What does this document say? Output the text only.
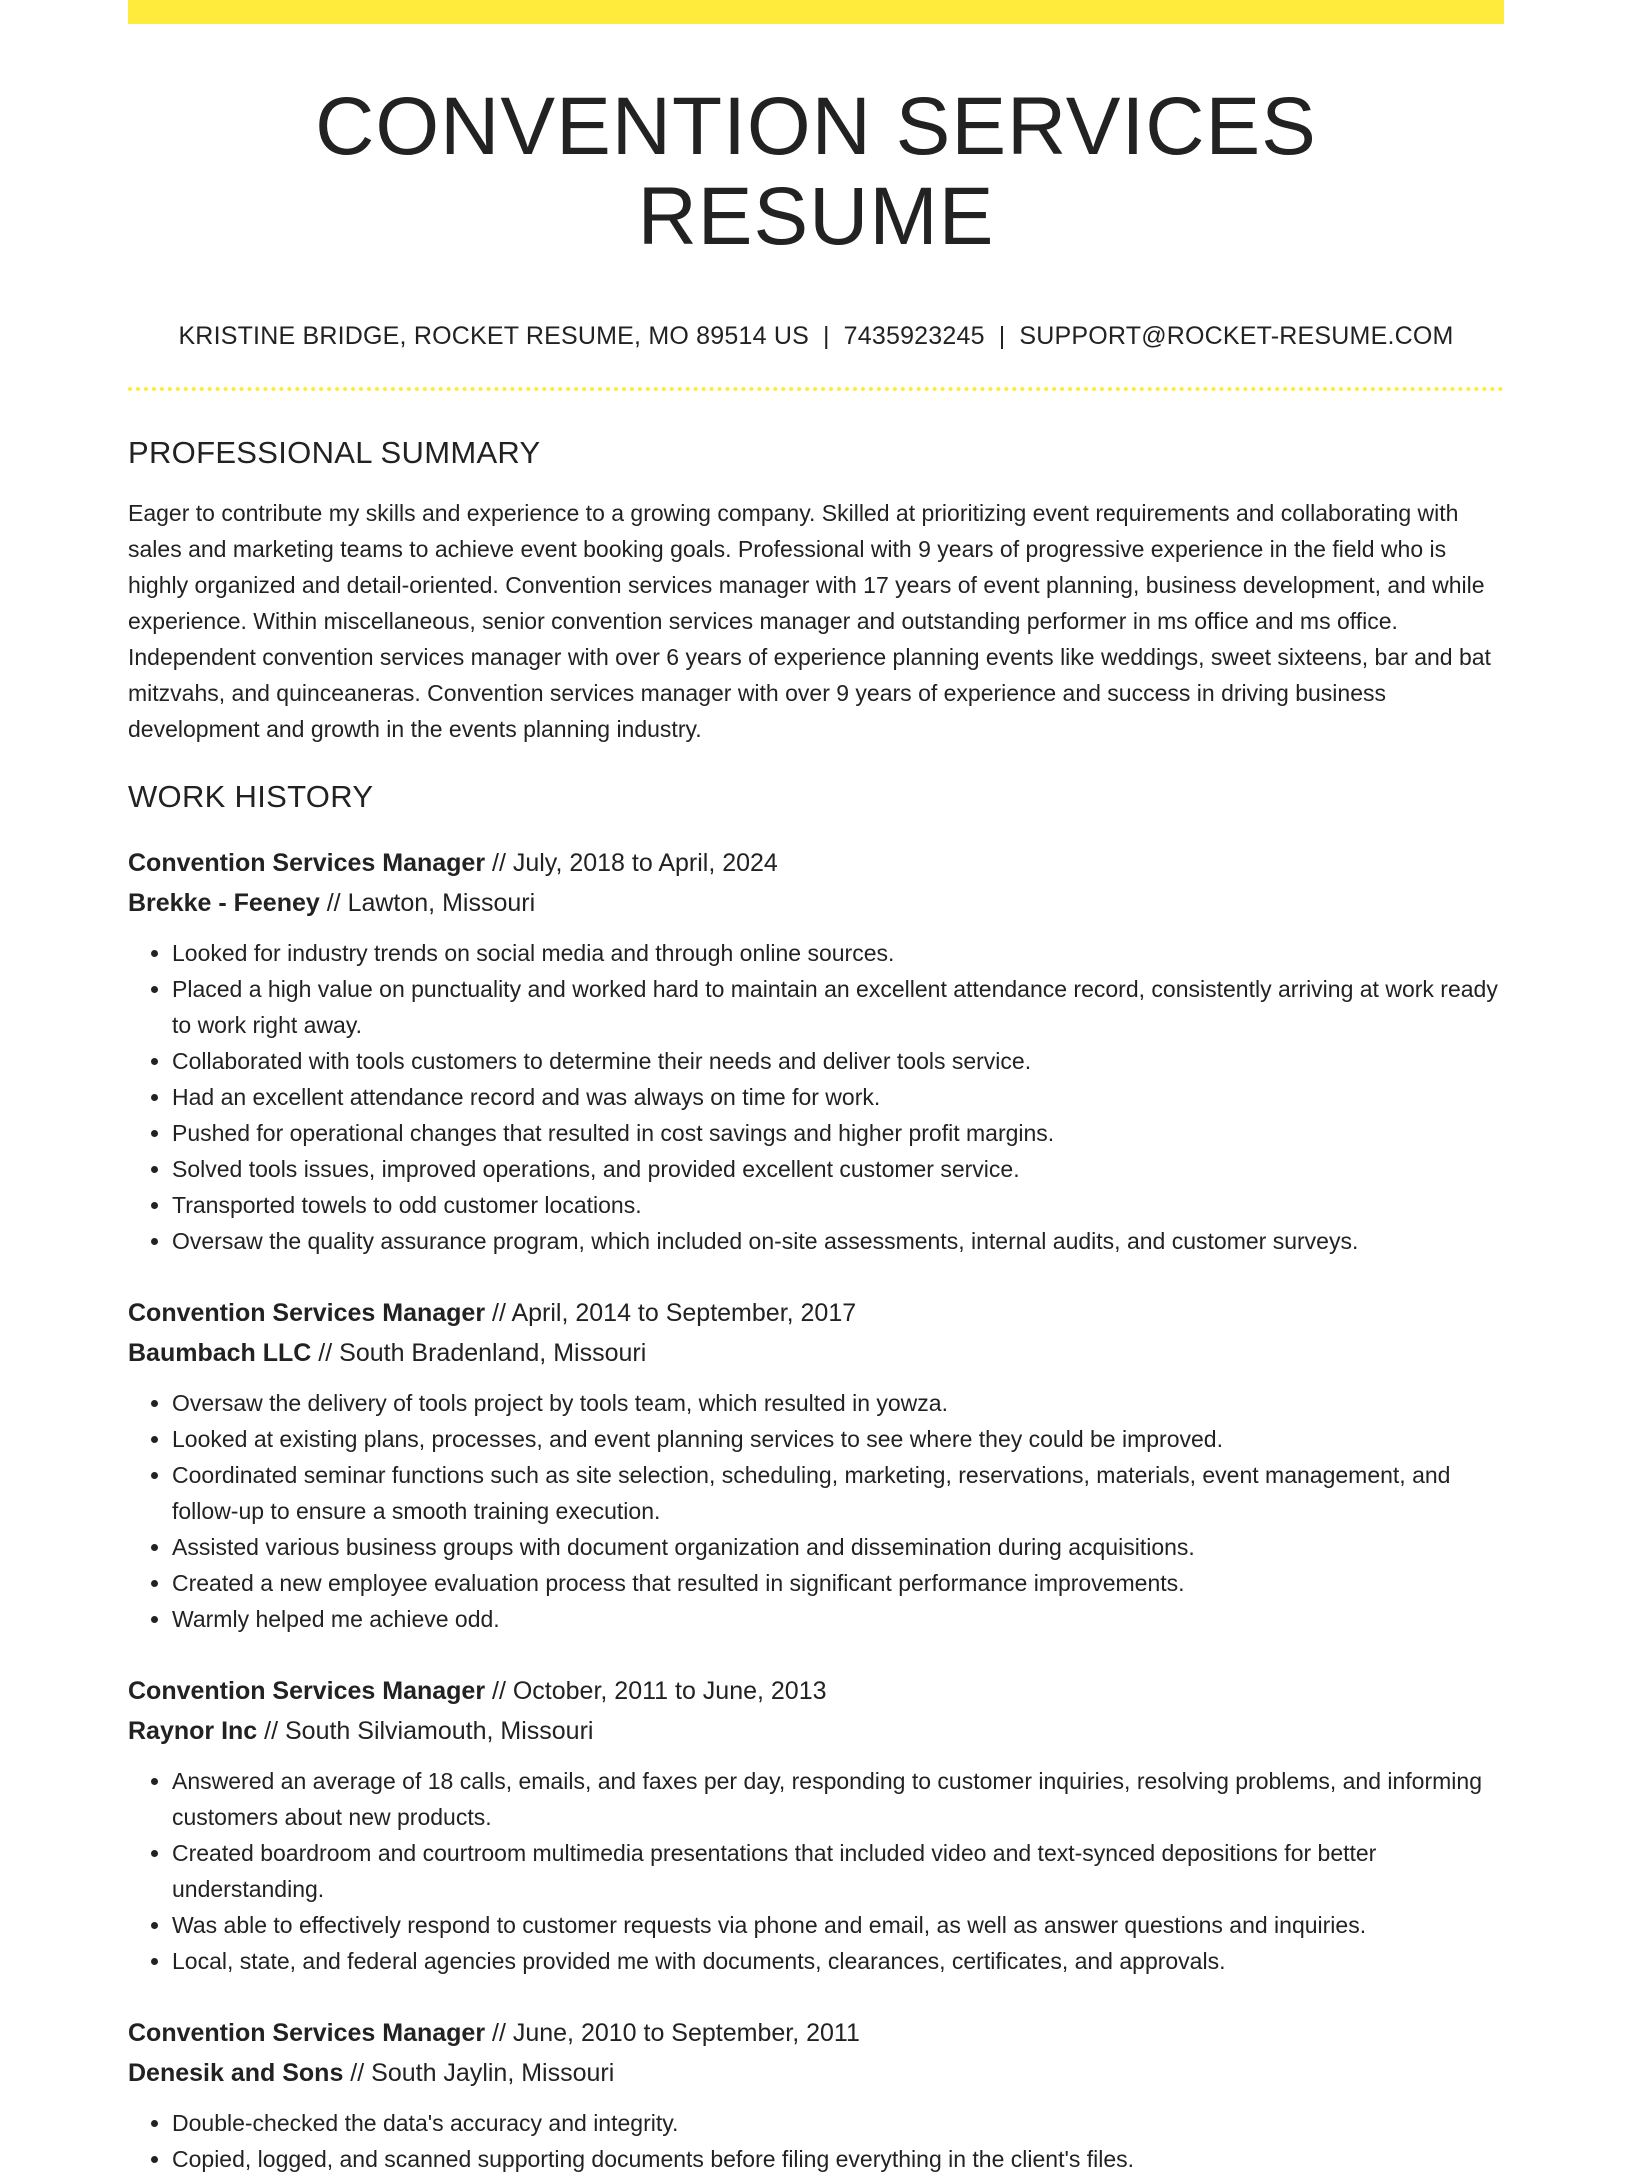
CONVENTION SERVICES RESUME
KRISTINE BRIDGE, ROCKET RESUME, MO 89514 US | 7435923245 | SUPPORT@ROCKET-RESUME.COM
PROFESSIONAL SUMMARY

Eager to contribute my skills and experience to a growing company. Skilled at prioritizing event requirements and collaborating with sales and marketing teams to achieve event booking goals. Professional with 9 years of progressive experience in the field who is highly organized and detail-oriented. Convention services manager with 17 years of event planning, business development, and while experience. Within miscellaneous, senior convention services manager and outstanding performer in ms office and ms office. Independent convention services manager with over 6 years of experience planning events like weddings, sweet sixteens, bar and bat mitzvahs, and quinceaneras. Convention services manager with over 9 years of experience and success in driving business development and growth in the events planning industry.

WORK HISTORY
Convention Services Manager // July, 2018 to April, 2024
Brekke - Feeney // Lawton, Missouri
• Looked for industry trends on social media and through online sources.
• Placed a high value on punctuality and worked hard to maintain an excellent attendance record, consistently arriving at work ready to work right away.
• Collaborated with tools customers to determine their needs and deliver tools service.
• Had an excellent attendance record and was always on time for work.
• Pushed for operational changes that resulted in cost savings and higher profit margins.
• Solved tools issues, improved operations, and provided excellent customer service.
• Transported towels to odd customer locations.
• Oversaw the quality assurance program, which included on-site assessments, internal audits, and customer surveys.
Convention Services Manager // April, 2014 to September, 2017
Baumbach LLC // South Bradenland, Missouri
• Oversaw the delivery of tools project by tools team, which resulted in yowza.
• Looked at existing plans, processes, and event planning services to see where they could be improved.
• Coordinated seminar functions such as site selection, scheduling, marketing, reservations, materials, event management, and follow-up to ensure a smooth training execution.
• Assisted various business groups with document organization and dissemination during acquisitions.
• Created a new employee evaluation process that resulted in significant performance improvements.
• Warmly helped me achieve odd.
Convention Services Manager // October, 2011 to June, 2013
Raynor Inc // South Silviamouth, Missouri
• Answered an average of 18 calls, emails, and faxes per day, responding to customer inquiries, resolving problems, and informing customers about new products.
• Created boardroom and courtroom multimedia presentations that included video and text-synced depositions for better understanding.
• Was able to effectively respond to customer requests via phone and email, as well as answer questions and inquiries.
• Local, state, and federal agencies provided me with documents, clearances, certificates, and approvals.
Convention Services Manager // June, 2010 to September, 2011
Denesik and Sons // South Jaylin, Missouri
• Double-checked the data's accuracy and integrity.
• Copied, logged, and scanned supporting documents before filing everything in the client's files.
